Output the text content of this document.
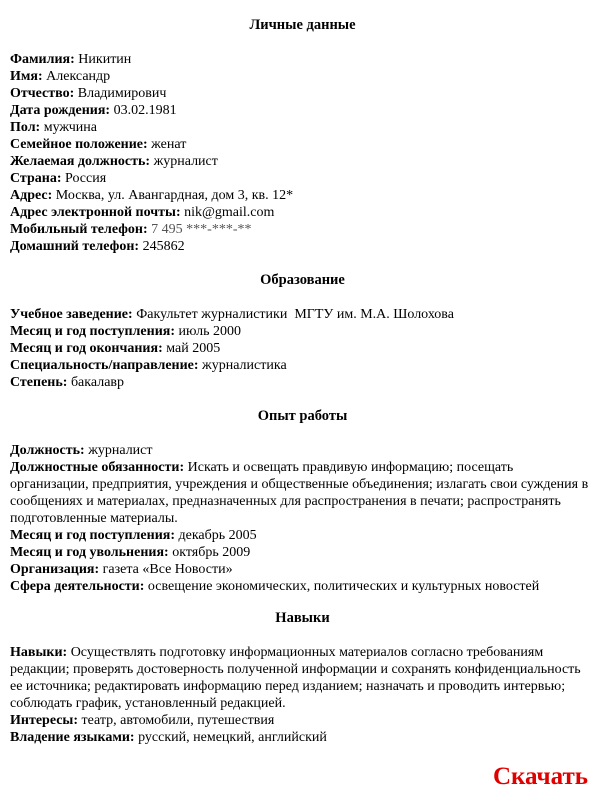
Личные данные
Фамилия: Никитин
Имя: Александр
Отчество: Владимирович
Дата рождения: 03.02.1981
Пол: мужчина
Семейное положение: женат
Желаемая должность: журналист
Страна: Россия
Адрес: Москва, ул. Авангардная, дом 3, кв. 12*
Адрес электронной почты: nik@gmail.com
Мобильный телефон: 7 495 ***-***-**
Домашний телефон: 245862
Образование
Учебное заведение: Факультет журналистики  МГТУ им. М.А. Шолохова
Месяц и год поступления: июль 2000
Месяц и год окончания: май 2005
Специальность/направление: журналистика
Степень: бакалавр
Опыт работы
Должность: журналист
Должностные обязанности: Искать и освещать правдивую информацию; посещать организации, предприятия, учреждения и общественные объединения; излагать свои суждения в сообщениях и материалах, предназначенных для распространения в печати; распространять подготовленные материалы.
Месяц и год поступления: декабрь 2005
Месяц и год увольнения: октябрь 2009
Организация: газета «Все Новости»
Сфера деятельности: освещение экономических, политических и культурных новостей
Навыки
Навыки: Осуществлять подготовку информационных материалов согласно требованиям редакции; проверять достоверность полученной информации и сохранять конфиденциальность ее источника; редактировать информацию перед изданием; назначать и проводить интервью; соблюдать график, установленный редакцией.
Интересы: театр, автомобили, путешествия
Владение языками: русский, немецкий, английский
Скачать
